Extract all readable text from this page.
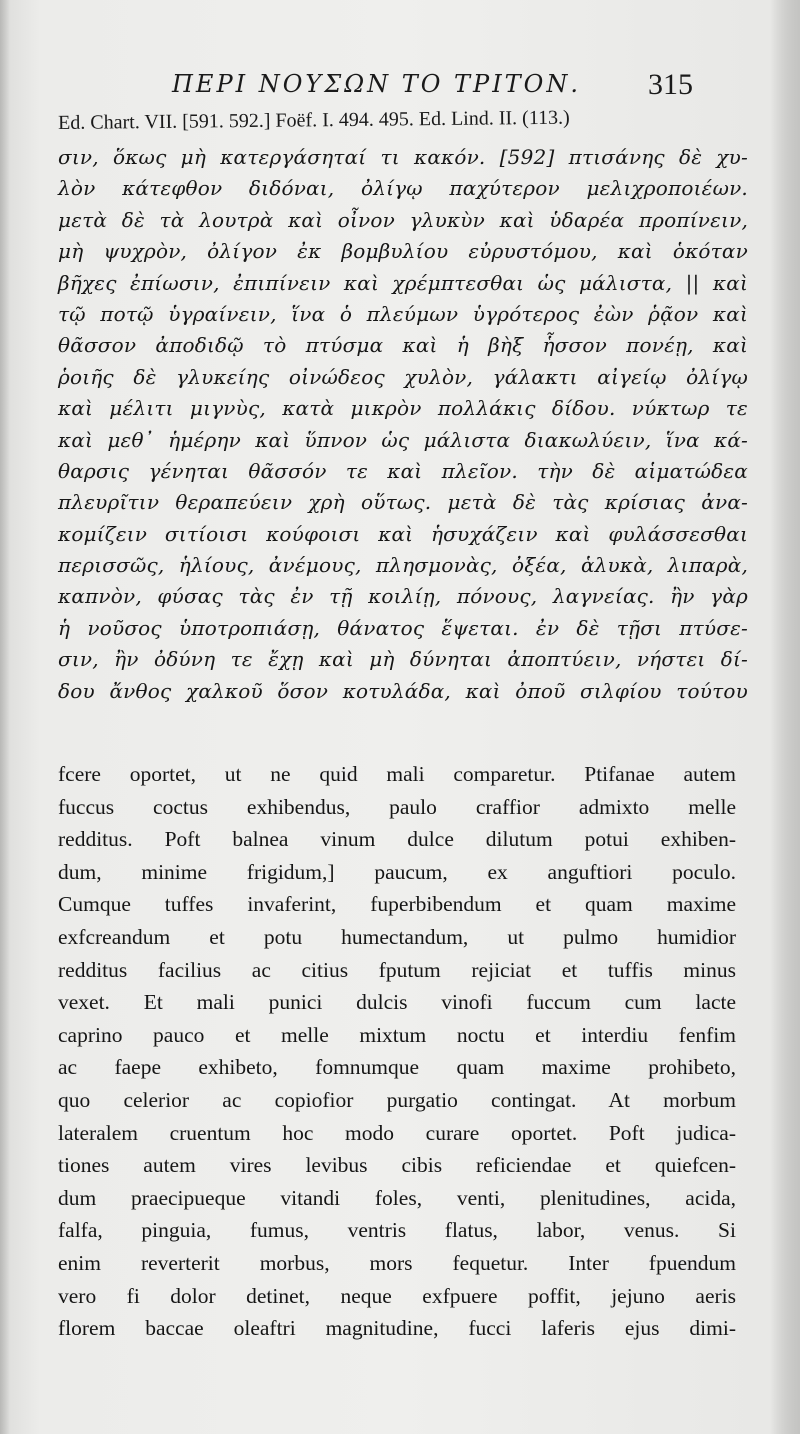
ΠΕΡΙ ΝΟΥΣΩΝ ΤΟ ΤΡΙΤΟΝ. 315
Ed. Chart. VII. [591. 592.] Foëf. I. 494. 495. Ed. Lind. II. (113.)
σιν, ὅκως μὴ κατεργάσηταί τι κακόν. [592] πτισάνης δὲ χυ-
λὸν κάτεφθον διδόναι, ὀλίγῳ παχύτερον μελιχροποιέων.
μετὰ δὲ τὰ λουτρὰ καὶ οἶνον γλυκὺν καὶ ὑδαρέα προπίνειν,
μὴ ψυχρὸν, ὀλίγον ἐκ βομβυλίου εὐρυστόμου, καὶ ὁκόταν
βῆχες ἐπίωσιν, ἐπιπίνειν καὶ χρέμπτεσθαι ὡς μάλιστα, || καὶ
τῷ ποτῷ ὑγραίνειν, ἵνα ὁ πλεύμων ὑγρότερος ἐὼν ῥᾷον καὶ
θᾶσσον ἀποδιδῷ τὸ πτύσμα καὶ ἡ βὴξ ἧσσον πονέῃ, καὶ
ῥοιῆς δὲ γλυκείης οἰνώδεος χυλὸν, γάλακτι αἰγείῳ ὀλίγῳ
καὶ μέλιτι μιγνὺς, κατὰ μικρὸν πολλάκις δίδου. νύκτωρ τε
καὶ μεθ᾽ ἡμέρην καὶ ὕπνον ὡς μάλιστα διακωλύειν, ἵνα κά-
θαρσις γένηται θᾶσσόν τε καὶ πλεῖον. τὴν δὲ αἱματώδεα
πλευρῖτιν θεραπεύειν χρὴ οὕτως. μετὰ δὲ τὰς κρίσιας ἀνα-
κομίζειν σιτίοισι κούφοισι καὶ ἡσυχάζειν καὶ φυλάσσεσθαι
περισσῶς, ἡλίους, ἀνέμους, πλησμονὰς, ὀξέα, ἁλυκὰ, λιπαρὰ,
καπνὸν, φύσας τὰς ἐν τῇ κοιλίῃ, πόνους, λαγνείας. ἢν γὰρ
ἡ νοῦσος ὑποτροπιάσῃ, θάνατος ἕψεται. ἐν δὲ τῇσι πτύσε-
σιν, ἢν ὀδύνη τε ἔχῃ καὶ μὴ δύνηται ἀποπτύειν, νήστει δί-
δου ἄνθος χαλκοῦ ὅσον κοτυλάδα, καὶ ὀποῦ σιλφίου τούτου
fcere oportet, ut ne quid mali comparetur. Ptifanae autem
fuccus coctus exhibendus, paulo craffior admixto melle
redditus. Poft balnea vinum dulce dilutum potui exhiben-
dum, minime frigidum,] paucum, ex anguftiori poculo.
Cumque tuffes invaferint, fuperbibendum et quam maxime
exfcreandum et potu humectandum, ut pulmo humidior
redditus facilius ac citius fputum rejiciat et tuffis minus
vexet. Et mali punici dulcis vinofi fuccum cum lacte
caprino pauco et melle mixtum noctu et interdiu fenfim
ac faepe exhibeto, fomnumque quam maxime prohibeto,
quo celerior ac copiofior purgatio contingat. At morbum
lateralem cruentum hoc modo curare oportet. Poft judica-
tiones autem vires levibus cibis reficiendae et quiefcen-
dum praecipueque vitandi foles, venti, plenitudines, acida,
falfa, pinguia, fumus, ventris flatus, labor, venus. Si
enim reverterit morbus, mors fequetur. Inter fpuendum
vero fi dolor detinet, neque exfpuere poffit, jejuno aeris
florem baccae oleaftri magnitudine, fucci laferis ejus dimi-
